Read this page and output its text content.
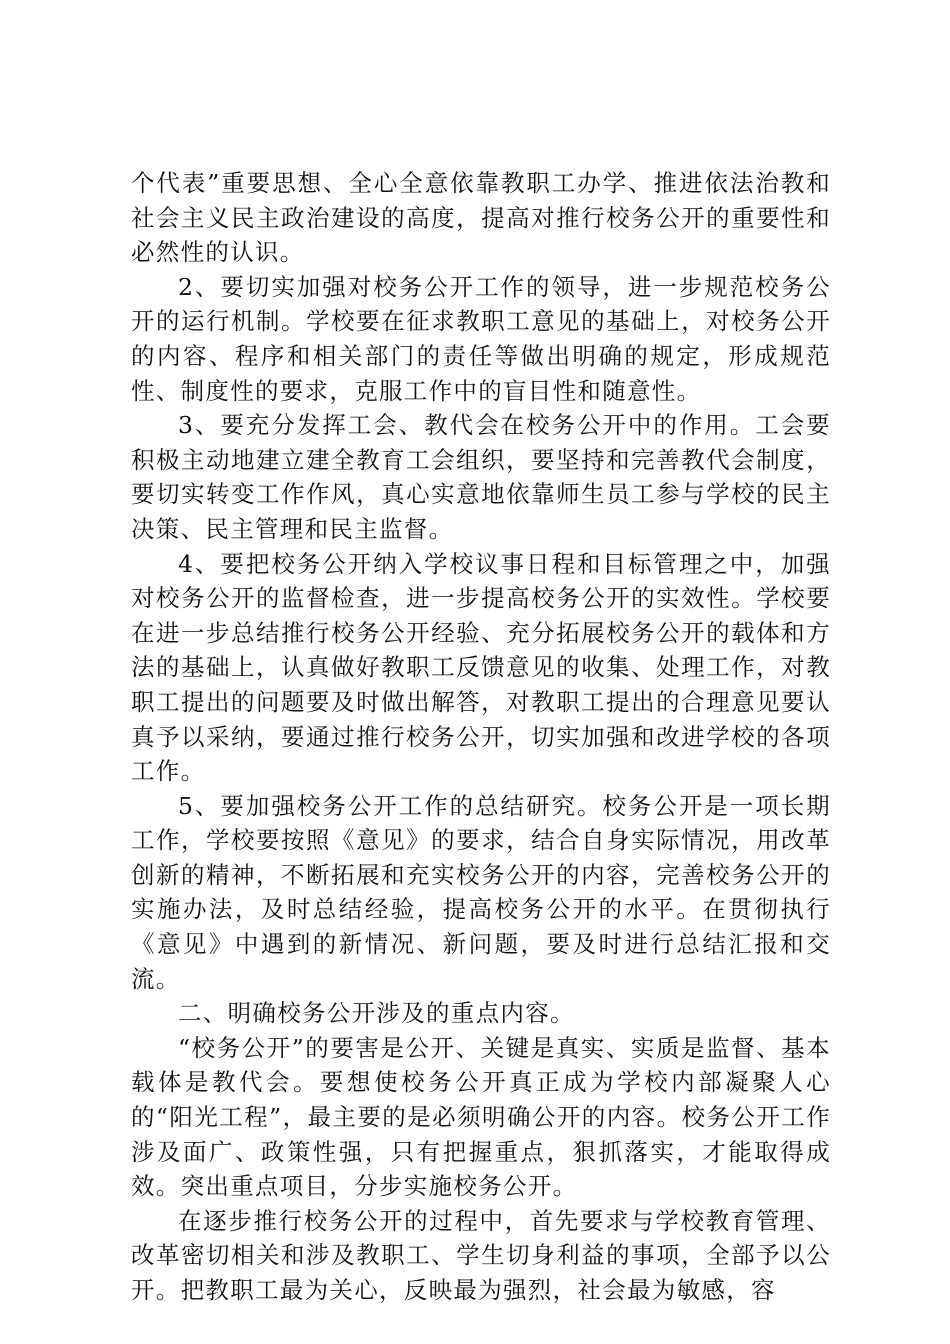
个代表”重要思想、全心全意依靠教职工办学、推进依法治教和社会主义民主政治建设的高度，提高对推行校务公开的重要性和必然性的认识。

2、要切实加强对校务公开工作的领导，进一步规范校务公开的运行机制。学校要在征求教职工意见的基础上，对校务公开的内容、程序和相关部门的责任等做出明确的规定，形成规范性、制度性的要求，克服工作中的盲目性和随意性。

3、要充分发挥工会、教代会在校务公开中的作用。工会要积极主动地建立建全教育工会组织，要坚持和完善教代会制度，要切实转变工作作风，真心实意地依靠师生员工参与学校的民主决策、民主管理和民主监督。

4、要把校务公开纳入学校议事日程和目标管理之中，加强对校务公开的监督检查，进一步提高校务公开的实效性。学校要在进一步总结推行校务公开经验、充分拓展校务公开的载体和方法的基础上，认真做好教职工反馈意见的收集、处理工作，对教职工提出的问题要及时做出解答，对教职工提出的合理意见要认真予以采纳，要通过推行校务公开，切实加强和改进学校的各项工作。

5、要加强校务公开工作的总结研究。校务公开是一项长期工作，学校要按照《意见》的要求，结合自身实际情况，用改革创新的精神，不断拓展和充实校务公开的内容，完善校务公开的实施办法，及时总结经验，提高校务公开的水平。在贯彻执行《意见》中遇到的新情况、新问题，要及时进行总结汇报和交流。

二、明确校务公开涉及的重点内容。

“校务公开”的要害是公开、关键是真实、实质是监督、基本载体是教代会。要想使校务公开真正成为学校内部凝聚人心的“阳光工程”，最主要的是必须明确公开的内容。校务公开工作涉及面广、政策性强，只有把握重点，狠抓落实，才能取得成效。突出重点项目，分步实施校务公开。

在逐步推行校务公开的过程中，首先要求与学校教育管理、改革密切相关和涉及教职工、学生切身利益的事项，全部予以公开。把教职工最为关心，反映最为强烈，社会最为敏感，容
